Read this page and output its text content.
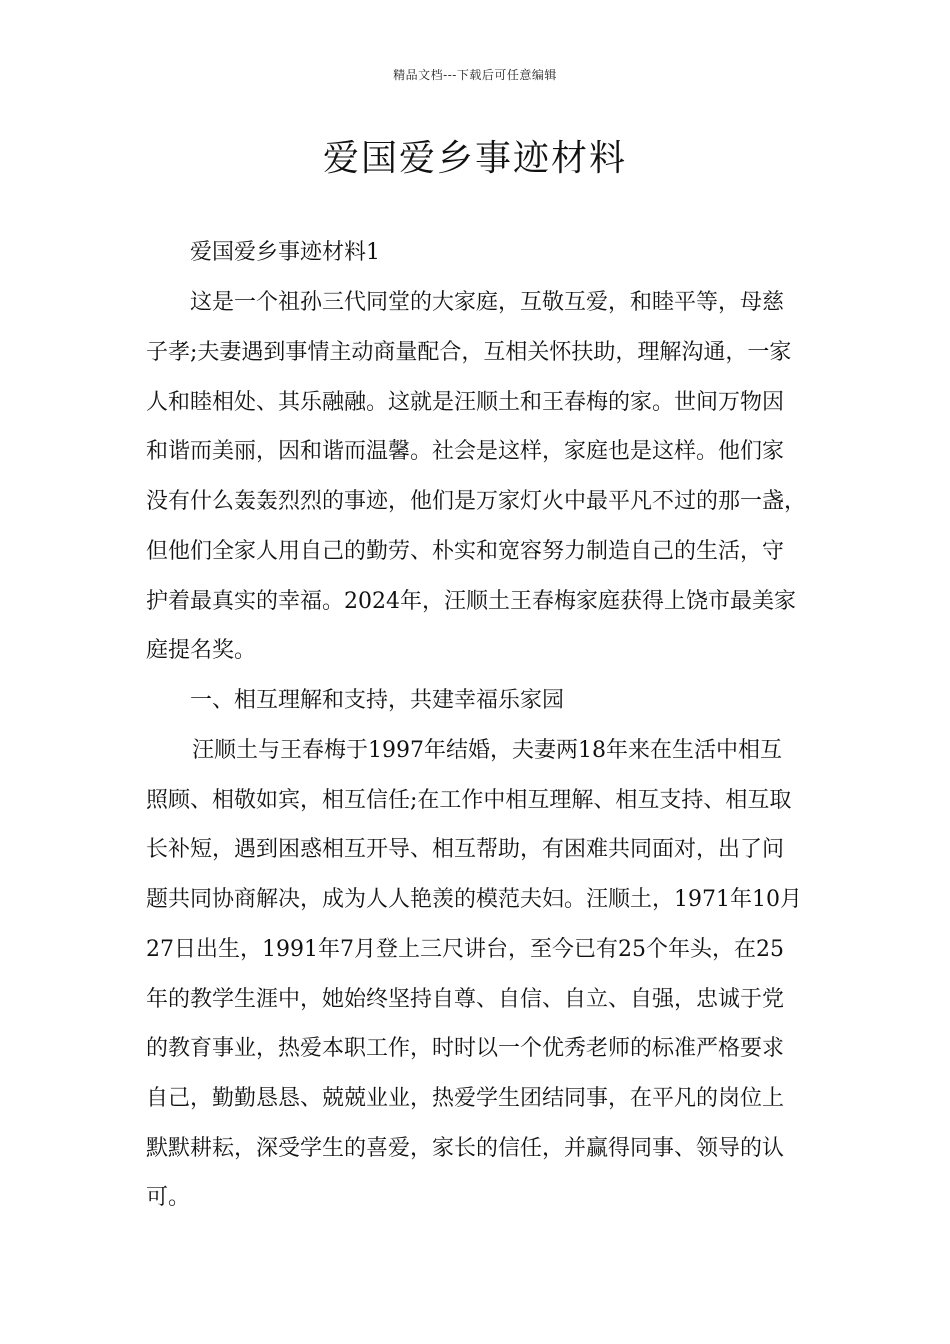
精品文档---下载后可任意编辑
爱国爱乡事迹材料
爱国爱乡事迹材料1
这是一个祖孙三代同堂的大家庭，互敬互爱，和睦平等，母慈
子孝;夫妻遇到事情主动商量配合，互相关怀扶助，理解沟通，一家
人和睦相处、其乐融融。这就是汪顺土和王春梅的家。世间万物因
和谐而美丽，因和谐而温馨。社会是这样，家庭也是这样。他们家
没有什么轰轰烈烈的事迹，他们是万家灯火中最平凡不过的那一盏，
但他们全家人用自己的勤劳、朴实和宽容努力制造自己的生活，守
护着最真实的幸福。2024年，汪顺土王春梅家庭获得上饶市最美家
庭提名奖。
一、相互理解和支持，共建幸福乐家园
汪顺土与王春梅于1997年结婚，夫妻两18年来在生活中相互
照顾、相敬如宾，相互信任;在工作中相互理解、相互支持、相互取
长补短，遇到困惑相互开导、相互帮助，有困难共同面对，出了问
题共同协商解决，成为人人艳羡的模范夫妇。汪顺土，1971年10月
27日出生，1991年7月登上三尺讲台，至今已有25个年头，在25
年的教学生涯中，她始终坚持自尊、自信、自立、自强，忠诚于党
的教育事业，热爱本职工作，时时以一个优秀老师的标准严格要求
自己，勤勤恳恳、兢兢业业，热爱学生团结同事，在平凡的岗位上
默默耕耘，深受学生的喜爱，家长的信任，并赢得同事、领导的认
可。
